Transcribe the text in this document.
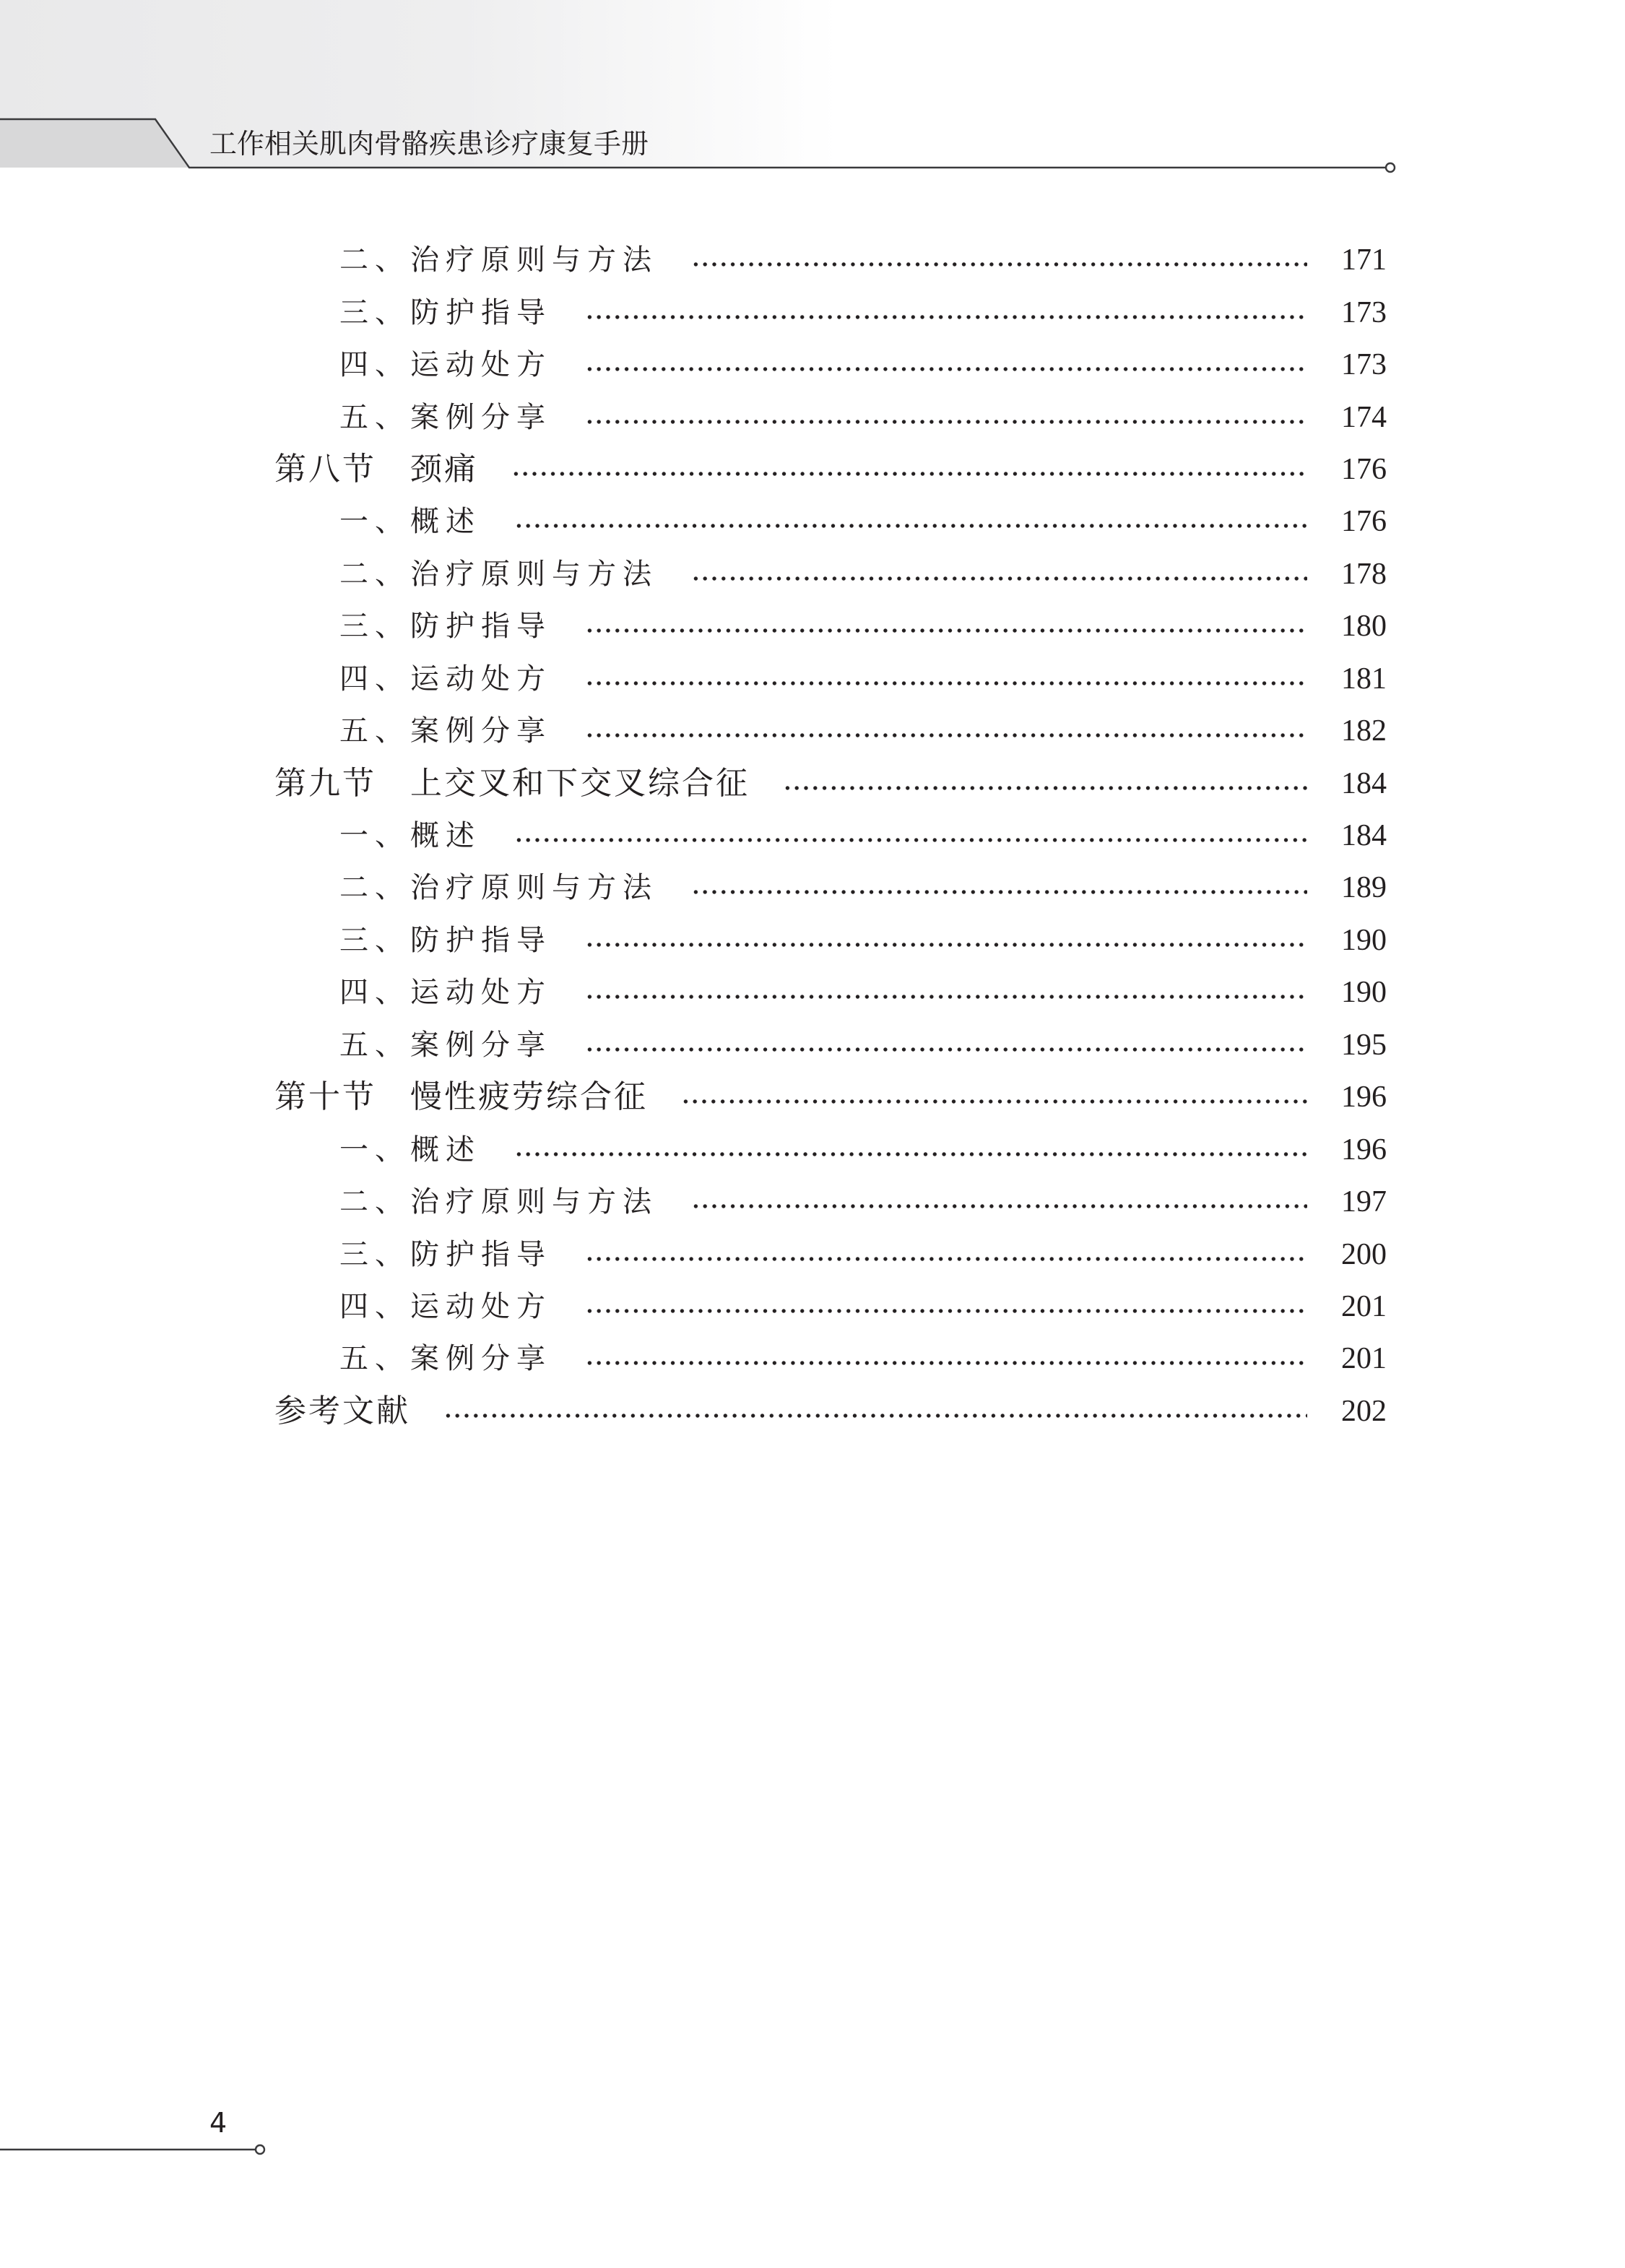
工作相关肌肉骨骼疾患诊疗康复手册
二、治疗原则与方法	171
三、防护指导	173
四、运动处方	173
五、案例分享	174
第八节　颈痛	176
一、概述	176
二、治疗原则与方法	178
三、防护指导	180
四、运动处方	181
五、案例分享	182
第九节　上交叉和下交叉综合征	184
一、概述	184
二、治疗原则与方法	189
三、防护指导	190
四、运动处方	190
五、案例分享	195
第十节　慢性疲劳综合征	196
一、概述	196
二、治疗原则与方法	197
三、防护指导	200
四、运动处方	201
五、案例分享	201
参考文献	202
4
